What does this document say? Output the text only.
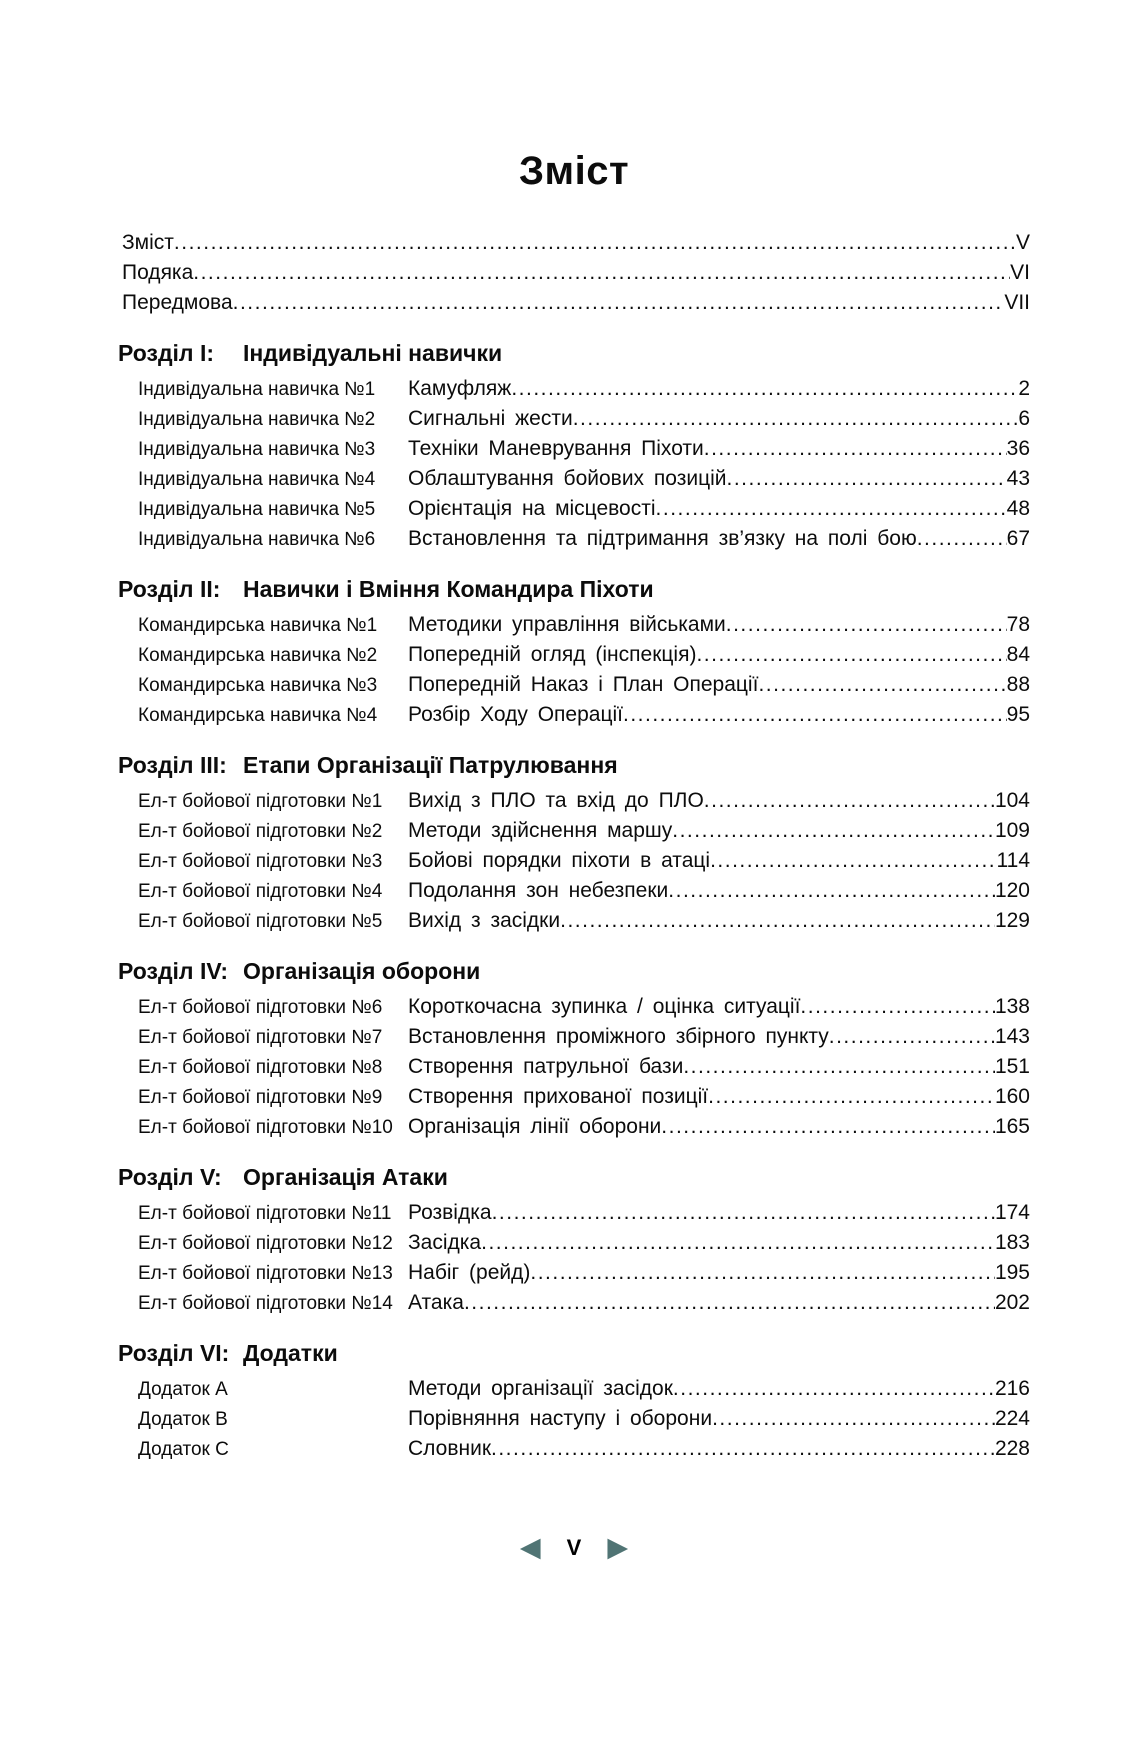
Зміст
Зміст .....	V
Подяка .....	VI
Передмова .....	VII
Розділ I: Індивідуальні навички
Індивідуальна навичка №1	Камуфляж .....	2
Індивідуальна навичка №2	Сигнальні жести .....	6
Індивідуальна навичка №3	Техніки Маневрування Піхоти .....	36
Індивідуальна навичка №4	Облаштування бойових позицій .....	43
Індивідуальна навичка №5	Орієнтація на місцевості .....	48
Індивідуальна навичка №6	Встановлення та підтримання зв’язку на полі бою .....	67
Розділ II: Навички і Вміння Командира Піхоти
Командирська навичка №1	Методики управління військами .....	78
Командирська навичка №2	Попередній огляд (інспекція) .....	84
Командирська навичка №3	Попередній Наказ і План Операції .....	88
Командирська навичка №4	Розбір Ходу Операції .....	95
Розділ III: Етапи Організації Патрулювання
Ел-т бойової підготовки №1	Вихід з ПЛО та вхід до ПЛО .....	104
Ел-т бойової підготовки №2	Методи здійснення маршу .....	109
Ел-т бойової підготовки №3	Бойові порядки піхоти в атаці .....	114
Ел-т бойової підготовки №4	Подолання зон небезпеки .....	120
Ел-т бойової підготовки №5	Вихід з засідки .....	129
Розділ IV: Організація оборони
Ел-т бойової підготовки №6	Короткочасна зупинка / оцінка ситуації .....	138
Ел-т бойової підготовки №7	Встановлення проміжного збірного пункту .....	143
Ел-т бойової підготовки №8	Створення патрульної бази .....	151
Ел-т бойової підготовки №9	Створення прихованої позиції .....	160
Ел-т бойової підготовки №10 Організація лінії оборони .....	165
Розділ V: Організація Атаки
Ел-т бойової підготовки №11 Розвідка .....	174
Ел-т бойової підготовки №12 Засідка .....	183
Ел-т бойової підготовки №13 Набіг (рейд) .....	195
Ел-т бойової підготовки №14 Атака .....	202
Розділ VI: Додатки
Додаток A	Методи організації засідок .....	216
Додаток B	Порівняння наступу і оборони .....	224
Додаток C	Словник .....	228
◀ V ▶
